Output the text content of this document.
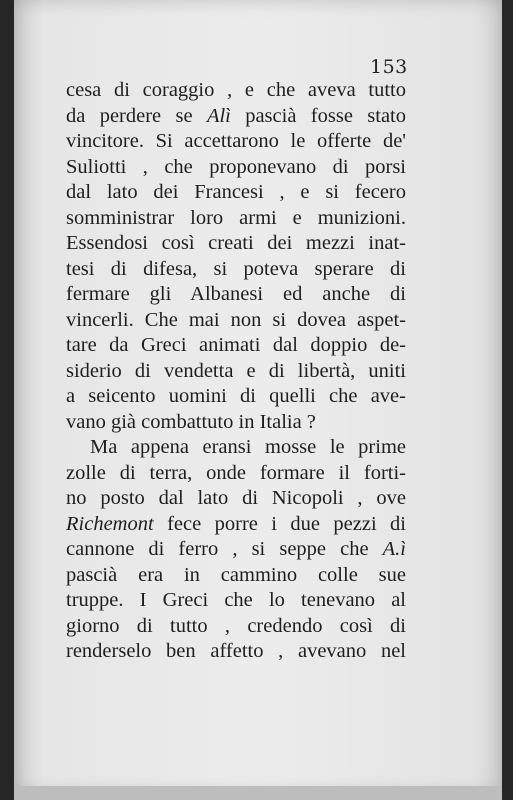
153
cesa di coraggio , e che aveva tutto
da perdere se Alì pascià fosse stato
vincitore. Si accettarono le offerte de'
Suliotti , che proponevano di porsi
dal lato dei Francesi , e si fecero
somministrar loro armi e munizioni.
Essendosi così creati dei mezzi inat-
tesi di difesa, si poteva sperare di
fermare gli Albanesi ed anche di
vincerli. Che mai non si dovea aspet-
tare da Greci animati dal doppio de-
siderio di vendetta e di libertà, uniti
a seicento uomini di quelli che ave-
vano già combattuto in Italia ?
Ma appena eransi mosse le prime
zolle di terra, onde formare il forti-
no posto dal lato di Nicopoli , ove
Richemont fece porre i due pezzi di
cannone di ferro , si seppe che A.ì
pascià era in cammino colle sue
truppe. I Greci che lo tenevano al
giorno di tutto , credendo così di
renderselo ben affetto , avevano nel
